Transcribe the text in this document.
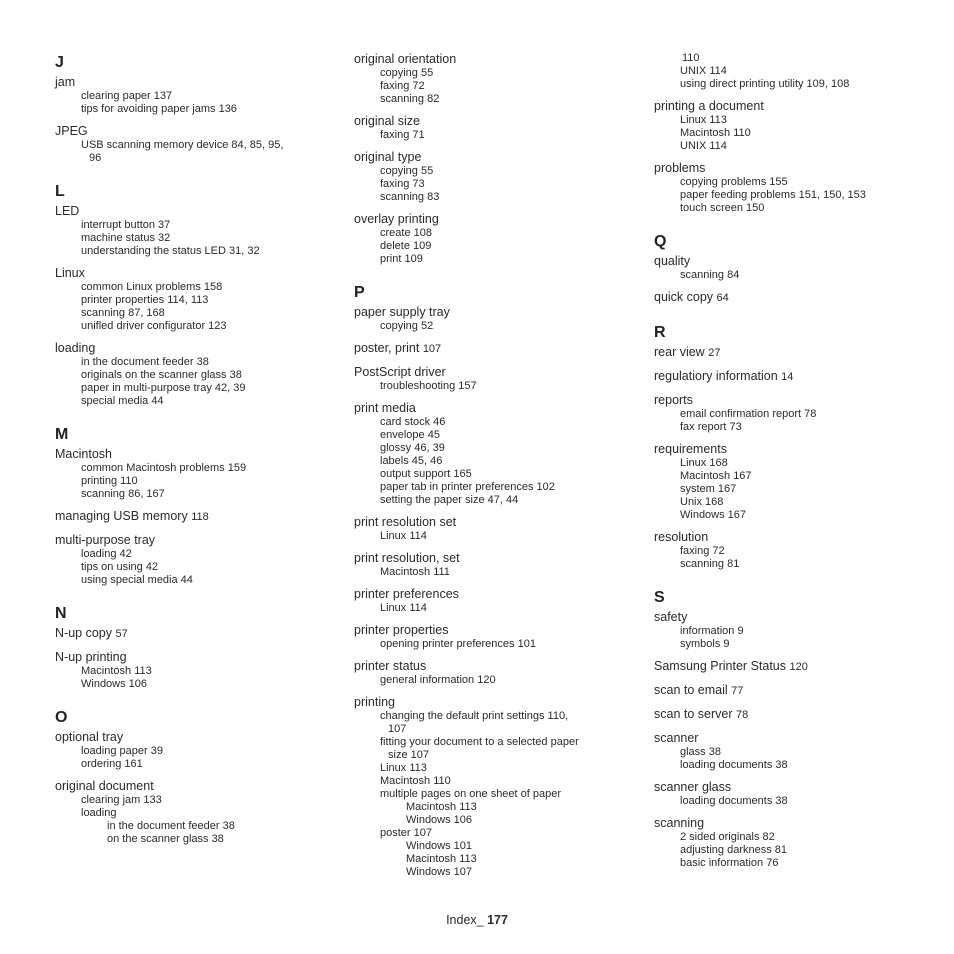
J
jam
clearing paper 137
tips for avoiding paper jams 136
JPEG
USB scanning memory device 84, 85, 95,
96
L
LED
interrupt button 37
machine status 32
understanding the status LED 31, 32
Linux
common Linux problems 158
printer properties 114, 113
scanning 87, 168
unifled driver configurator 123
loading
in the document feeder 38
originals on the scanner glass 38
paper in multi-purpose tray 42, 39
special media 44
M
Macintosh
common Macintosh problems 159
printing 110
scanning 86, 167
managing USB memory 118
multi-purpose tray
loading 42
tips on using 42
using special media 44
N
N-up copy 57
N-up printing
Macintosh 113
Windows 106
O
optional tray
loading paper 39
ordering 161
original document
clearing jam 133
loading
in the document feeder 38
on the scanner glass 38
original orientation
copying 55
faxing 72
scanning 82
original size
faxing 71
original type
copying 55
faxing 73
scanning 83
overlay printing
create 108
delete 109
print 109
P
paper supply tray
copying 52
poster, print 107
PostScript driver
troubleshooting 157
print media
card stock 46
envelope 45
glossy 46, 39
labels 45, 46
output support 165
paper tab in printer preferences 102
setting the paper size 47, 44
print resolution set
Linux 114
print resolution, set
Macintosh 111
printer preferences
Linux 114
printer properties
opening printer preferences 101
printer status
general information 120
printing
changing the default print settings 110,
107
fitting your document to a selected paper
size 107
Linux 113
Macintosh 110
multiple pages on one sheet of paper
Macintosh 113
Windows 106
poster 107
Windows 101
Macintosh 113
Windows 107
110
UNIX 114
using direct printing utility 109, 108
printing a document
Linux 113
Macintosh 110
UNIX 114
problems
copying problems 155
paper feeding problems 151, 150, 153
touch screen 150
Q
quality
scanning 84
quick copy 64
R
rear view 27
regulatiory information 14
reports
email confirmation report 78
fax report 73
requirements
Linux 168
Macintosh 167
system 167
Unix 168
Windows 167
resolution
faxing 72
scanning 81
S
safety
information 9
symbols 9
Samsung Printer Status 120
scan to email 77
scan to server 78
scanner
glass 38
loading documents 38
scanner glass
loading documents 38
scanning
2 sided originals 82
adjusting darkness 81
basic information 76
Index_ 177
